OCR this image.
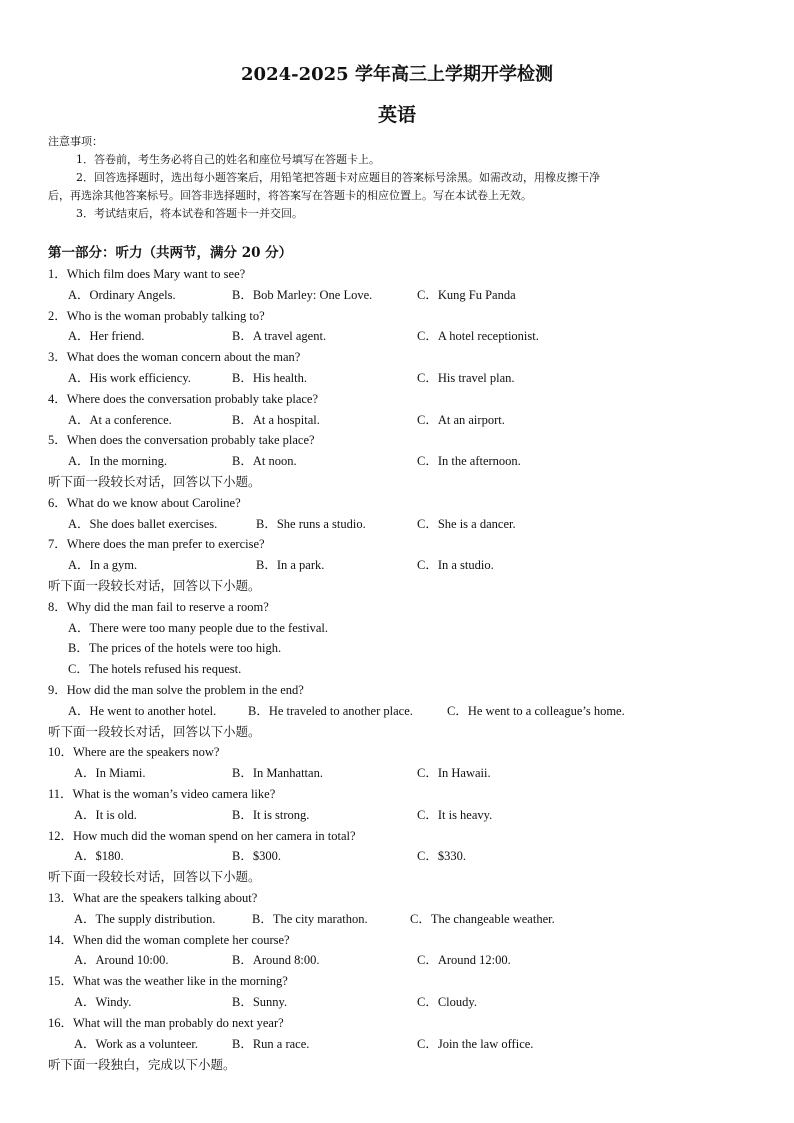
2024-2025 学年高三上学期开学检测
英语
注意事项：
1．答卷前，考生务必将自己的姓名和座位号填写在答题卡上。
2．回答选择题时，选出每小题答案后，用铅笔把答题卡对应题目的答案标号涂黑。如需改动，用橡皮擦干净
后，再选涂其他答案标号。回答非选择题时，将答案写在答题卡的相应位置上。写在本试卷上无效。
3．考试结束后，将本试卷和答题卡一并交回。
第一部分：听力（共两节，满分 20 分）
1．Which film does Mary want to see?
A．Ordinary Angels.	B．Bob Marley: One Love.	C．Kung Fu Panda
2．Who is the woman probably talking to?
A．Her friend.	B．A travel agent.	C．A hotel receptionist.
3．What does the woman concern about the man?
A．His work efficiency.	B．His health.	C．His travel plan.
4．Where does the conversation probably take place?
A．At a conference.	B．At a hospital.	C．At an airport.
5．When does the conversation probably take place?
A．In the morning.	B．At noon.	C．In the afternoon.
听下面一段较长对话，回答以下小题。
6．What do we know about Caroline?
A．She does ballet exercises.	B．She runs a studio.	C．She is a dancer.
7．Where does the man prefer to exercise?
A．In a gym.	B．In a park.	C．In a studio.
听下面一段较长对话，回答以下小题。
8．Why did the man fail to reserve a room?
A．There were too many people due to the festival.
B．The prices of the hotels were too high.
C．The hotels refused his request.
9．How did the man solve the problem in the end?
A．He went to another hotel.	B．He traveled to another place.	C．He went to a colleague’s home.
听下面一段较长对话，回答以下小题。
10．Where are the speakers now?
A．In Miami.	B．In Manhattan.	C．In Hawaii.
11．What is the woman’s video camera like?
A．It is old.	B．It is strong.	C．It is heavy.
12．How much did the woman spend on her camera in total?
A．$180.	B．$300.	C．$330.
听下面一段较长对话，回答以下小题。
13．What are the speakers talking about?
A．The supply distribution.	B．The city marathon.	C．The changeable weather.
14．When did the woman complete her course?
A．Around 10:00.	B．Around 8:00.	C．Around 12:00.
15．What was the weather like in the morning?
A．Windy.	B．Sunny.	C．Cloudy.
16．What will the man probably do next year?
A．Work as a volunteer.	B．Run a race.	C．Join the law office.
听下面一段独白，完成以下小题。
